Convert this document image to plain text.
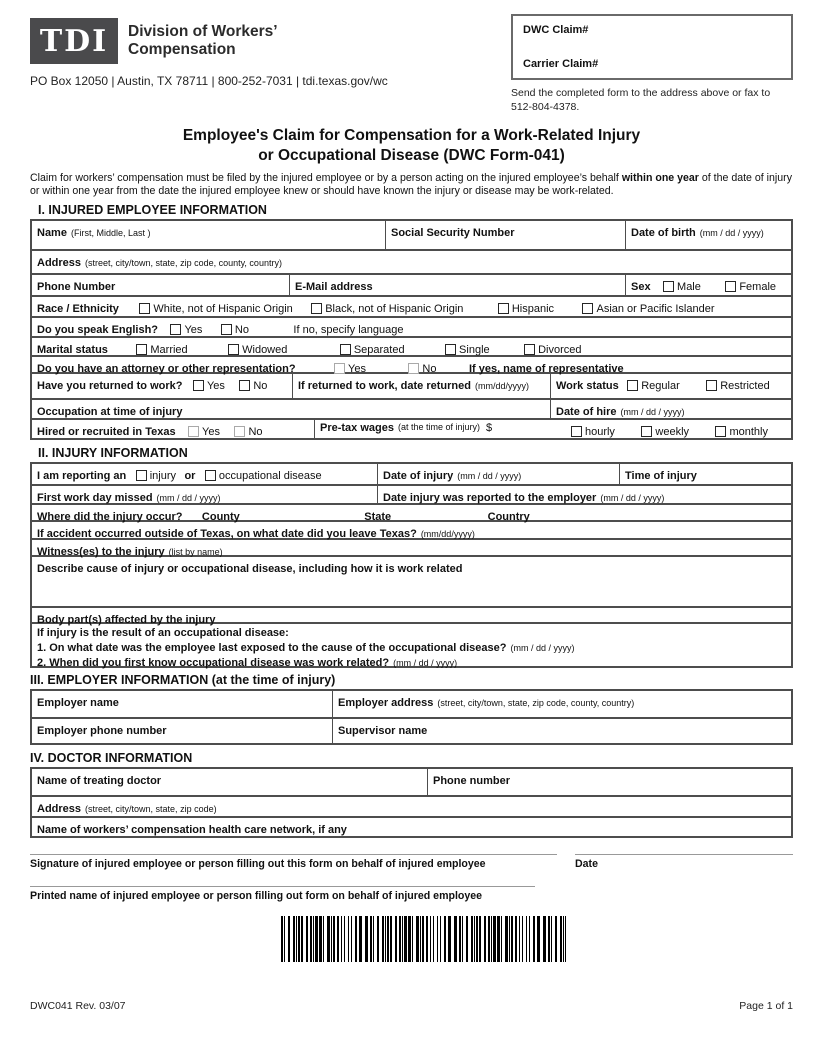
TDI Division of Workers’
Compensation
PO Box 12050 | Austin, TX 78711 | 800-252-7031 | tdi.texas.gov/wc
DWC Claim#
Carrier Claim#
Send the completed form to the address above or fax to 512-804-4378.
Employee's Claim for Compensation for a Work-Related Injury
or Occupational Disease (DWC Form-041)

Claim for workers’ compensation must be filed by the injured employee or by a person acting on the injured employee’s behalf within one year of the date of injury or within one year from the date the injured employee knew or should have known the injury or disease may be work-related.

I. INJURED EMPLOYEE INFORMATION
Name (First, Middle, Last )	Social Security Number	Date of birth (mm / dd / yyyy)
Address (street, city/town, state, zip code, county, country)
Phone Number	E-Mail address	Sex Male	Female
Race / Ethnicity	White, not of Hispanic Origin	Black, not of Hispanic Origin	Hispanic	Asian or Pacific Islander
Do you speak English? Yes	No	If no, specify language
Marital status	Married	Widowed	Separated	Single	Divorced
Do you have an attorney or other representation?	Yes	No	If yes, name of representative
Have you returned to work? Yes	No	If returned to work, date returned (mm/dd/yyyy)	Work status Regular	Restricted
Occupation at time of injury	Date of hire (mm / dd / yyyy)
Hired or recruited in Texas Yes	No	Pre-tax wages (at the time of injury) $	hourly	weekly	monthly
II. INJURY INFORMATION
I am reporting an injury or occupational disease	Date of injury (mm / dd / yyyy)	Time of injury
First work day missed (mm / dd / yyyy)	Date injury was reported to the employer (mm / dd / yyyy)
Where did the injury occur? County	State	Country
If accident occurred outside of Texas, on what date did you leave Texas? (mm/dd/yyyy)
Witness(es) to the injury (list by name)
Describe cause of injury or occupational disease, including how it is work related
Body part(s) affected by the injury
If injury is the result of an occupational disease:
1. On what date was the employee last exposed to the cause of the occupational disease? (mm / dd / yyyy)
2. When did you first know occupational disease was work related? (mm / dd / yyyy)
III. EMPLOYER INFORMATION (at the time of injury)
Employer name	Employer address (street, city/town, state, zip code, county, country)
Employer phone number	Supervisor name
IV. DOCTOR INFORMATION
Name of treating doctor	Phone number
Address (street, city/town, state, zip code)
Name of workers’ compensation health care network, if any
Signature of injured employee or person filling out this form on behalf of injured employee	Date
Printed name of injured employee or person filling out form on behalf of injured employee
DWC041 Rev. 03/07	Page 1 of 1
